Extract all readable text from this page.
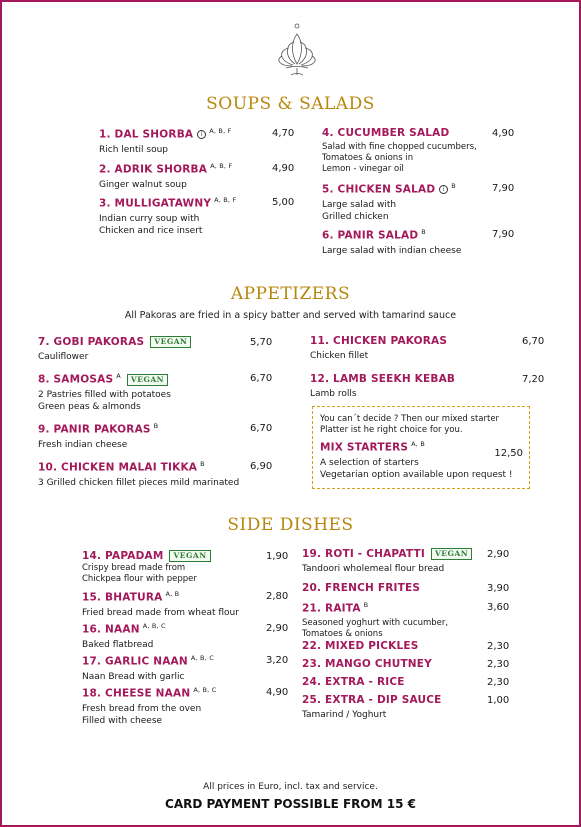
SOUPS & SALADS
1. DAL SHORBA i $^{A, B, F}$
Rich lentil soup
4,70
2. ADRIK SHORBA $^{A, B, F}$
Ginger walnut soup
4,90
3. MULLIGATAWNY $^{A, B, F}$
Indian curry soup with
Chicken and rice insert
5,00
4. CUCUMBER SALAD
Salad with fine chopped cucumbers,
Tomatoes & onions in
Lemon - vinegar oil
4,90
5. CHICKEN SALAD i $^B$
Large salad with
Grilled chicken
7,90
6. PANIR SALAD $^B$
Large salad with indian cheese
7,90
APPETIZERS
All Pakoras are fried in a spicy batter and served with tamarind sauce
7. GOBI PAKORAS VEGAN
Cauliflower
5,70
8. SAMOSAS $^A$ VEGAN
2 Pastries filled with potatoes
Green peas & almonds
6,70
9. PANIR PAKORAS $^B$
Fresh indian cheese
6,70
10. CHICKEN MALAI TIKKA $^B$
3 Grilled chicken fillet pieces mild marinated
6,90
11. CHICKEN PAKORAS
Chicken fillet
6,70
12. LAMB SEEKH KEBAB
Lamb rolls
7,20
You can´t decide ? Then our mixed starter
Platter ist he right choice for you.
MIX STARTERS $^{A, B}$
12,50
A selection of starters
Vegetarian option available upon request !
SIDE DISHES
14. PAPADAM VEGAN
Crispy bread made from
Chickpea flour with pepper
1,90
15. BHATURA $^{A, B}$
Fried bread made from wheat flour
2,80
16. NAAN $^{A, B, C}$
Baked flatbread
2,90
17. GARLIC NAAN $^{A, B, C}$
Naan Bread with garlic
3,20
18. CHEESE NAAN $^{A, B, C}$
Fresh bread from the oven
Filled with cheese
4,90
19. ROTI - CHAPATTI VEGAN
Tandoori wholemeal flour bread
2,90
20. FRENCH FRITES	3,90
21. RAITA $^B$
Seasoned yoghurt with cucumber,
Tomatoes & onions
3,60
22. MIXED PICKLES	2,30
23. MANGO CHUTNEY	2,30
24. EXTRA - RICE	2,30
25. EXTRA - DIP SAUCE
Tamarind / Yoghurt
1,00
All prices in Euro, incl. tax and service.
CARD PAYMENT POSSIBLE FROM 15 €
